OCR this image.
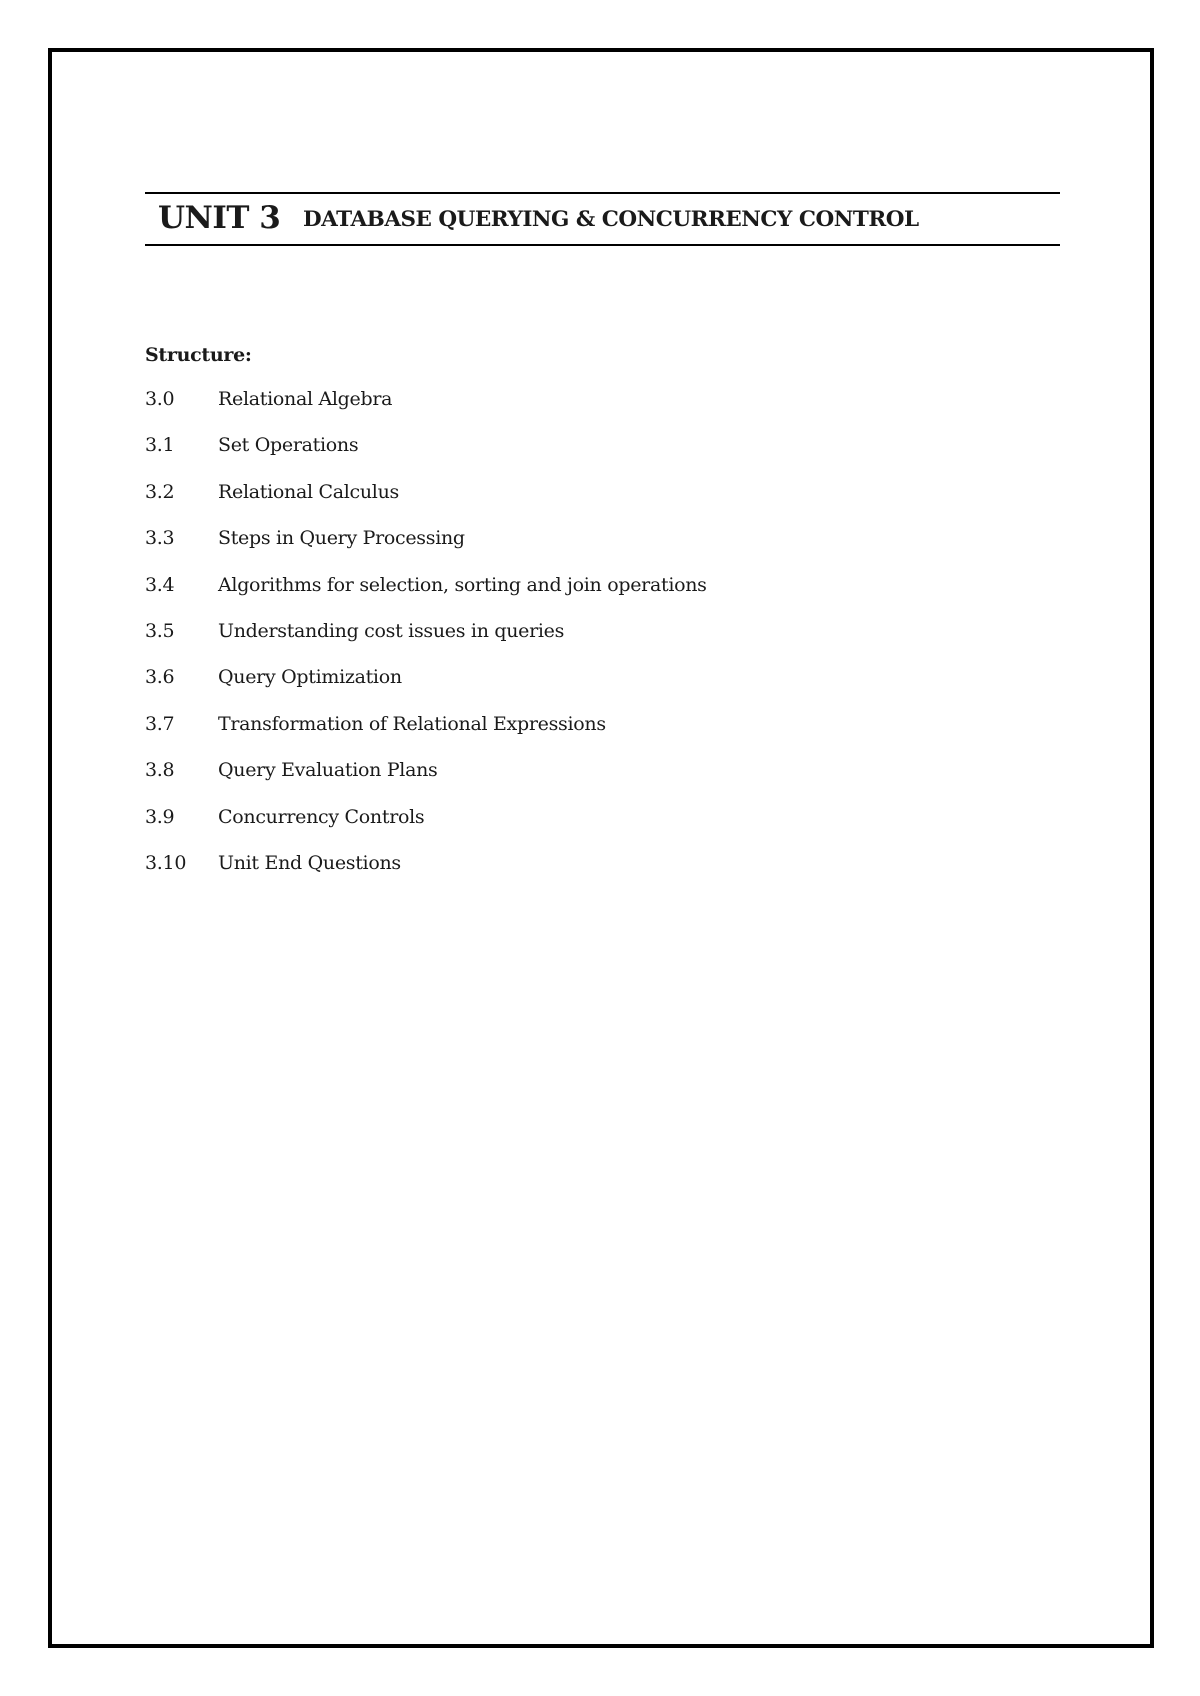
UNIT 3 DATABASE QUERYING & CONCURRENCY CONTROL
Structure:
3.0 Relational Algebra
3.1 Set Operations
3.2 Relational Calculus
3.3 Steps in Query Processing
3.4 Algorithms for selection, sorting and join operations
3.5 Understanding cost issues in queries
3.6 Query Optimization
3.7 Transformation of Relational Expressions
3.8 Query Evaluation Plans
3.9 Concurrency Controls
3.10 Unit End Questions
